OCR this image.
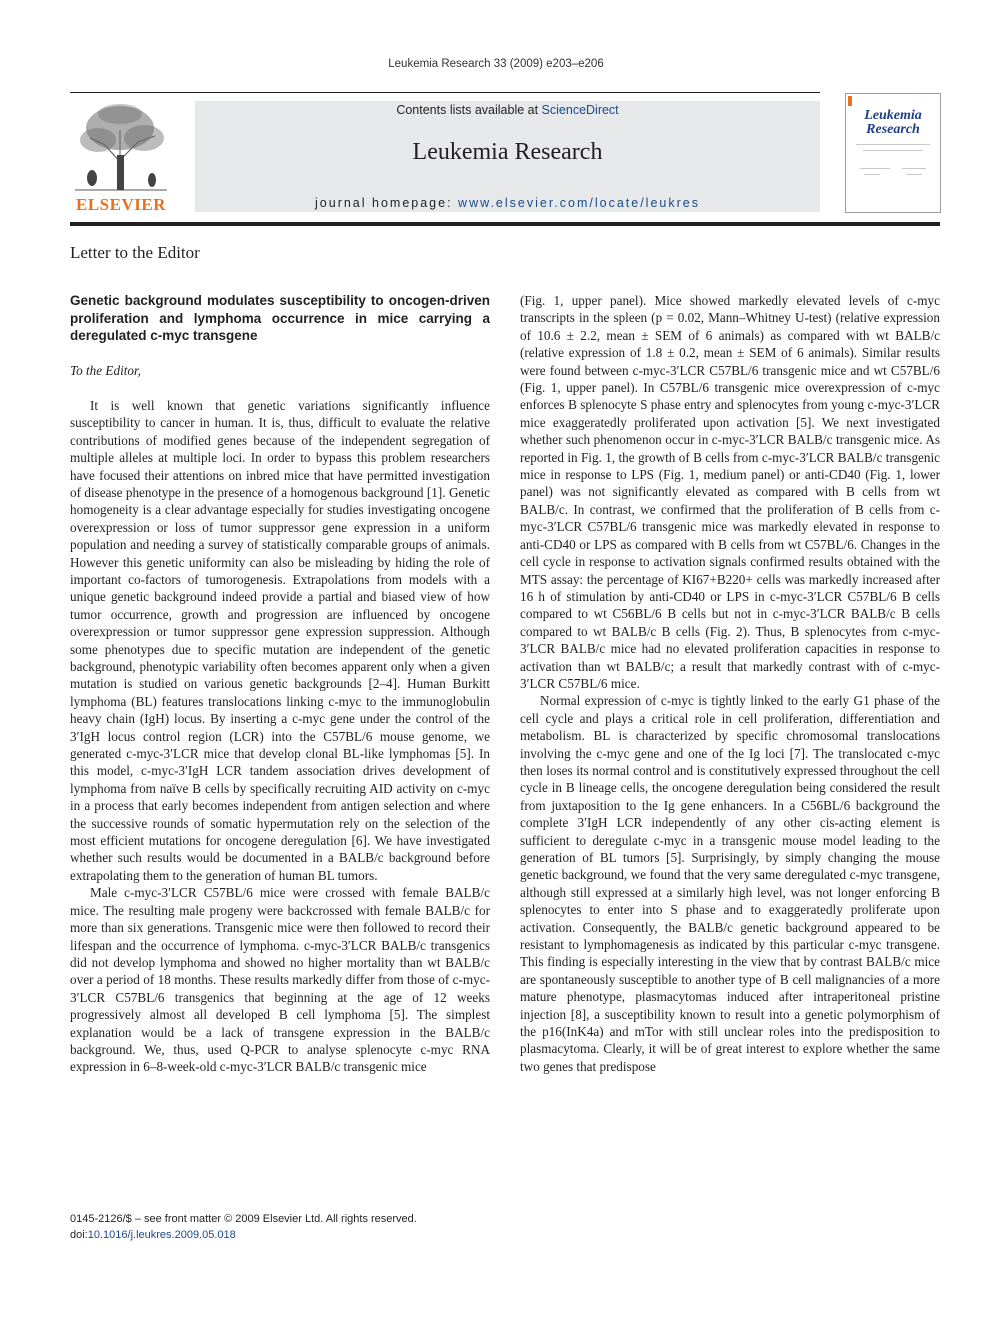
Leukemia Research 33 (2009) e203–e206
ELSEVIER
Contents lists available at ScienceDirect
Leukemia Research
journal homepage: www.elsevier.com/locate/leukres
Leukemia
Research
Letter to the Editor
Genetic background modulates susceptibility to oncogen-driven proliferation and lymphoma occurrence in mice carrying a deregulated c-myc transgene
To the Editor,

It is well known that genetic variations significantly influence susceptibility to cancer in human. It is, thus, difficult to evaluate the relative contributions of modified genes because of the independent segregation of multiple alleles at multiple loci. In order to bypass this problem researchers have focused their attentions on inbred mice that have permitted investigation of disease phenotype in the presence of a homogenous background [1]. Genetic homogeneity is a clear advantage especially for studies investigating oncogene overexpression or loss of tumor suppressor gene expression in a uniform population and needing a survey of statistically comparable groups of animals. However this genetic uniformity can also be misleading by hiding the role of important co-factors of tumorogenesis. Extrapolations from models with a unique genetic background indeed provide a partial and biased view of how tumor occurrence, growth and progression are influenced by oncogene overexpression or tumor suppressor gene expression suppression. Although some phenotypes due to specific mutation are independent of the genetic background, phenotypic variability often becomes apparent only when a given mutation is studied on various genetic backgrounds [2–4]. Human Burkitt lymphoma (BL) features translocations linking c-myc to the immunoglobulin heavy chain (IgH) locus. By inserting a c-myc gene under the control of the 3′IgH locus control region (LCR) into the C57BL/6 mouse genome, we generated c-myc-3′LCR mice that develop clonal BL-like lymphomas [5]. In this model, c-myc-3′IgH LCR tandem association drives development of lymphoma from naïve B cells by specifically recruiting AID activity on c-myc in a process that early becomes independent from antigen selection and where the successive rounds of somatic hypermutation rely on the selection of the most efficient mutations for oncogene deregulation [6]. We have investigated whether such results would be documented in a BALB/c background before extrapolating them to the generation of human BL tumors.

Male c-myc-3′LCR C57BL/6 mice were crossed with female BALB/c mice. The resulting male progeny were backcrossed with female BALB/c for more than six generations. Transgenic mice were then followed to record their lifespan and the occurrence of lymphoma. c-myc-3′LCR BALB/c transgenics did not develop lymphoma and showed no higher mortality than wt BALB/c over a period of 18 months. These results markedly differ from those of c-myc-3′LCR C57BL/6 transgenics that beginning at the age of 12 weeks progressively almost all developed B cell lymphoma [5]. The simplest explanation would be a lack of transgene expression in the BALB/c background. We, thus, used Q-PCR to analyse splenocyte c-myc RNA expression in 6–8-week-old c-myc-3′LCR BALB/c transgenic mice

(Fig. 1, upper panel). Mice showed markedly elevated levels of c-myc transcripts in the spleen (p = 0.02, Mann–Whitney U-test) (relative expression of 10.6 ± 2.2, mean ± SEM of 6 animals) as compared with wt BALB/c (relative expression of 1.8 ± 0.2, mean ± SEM of 6 animals). Similar results were found between c-myc-3′LCR C57BL/6 transgenic mice and wt C57BL/6 (Fig. 1, upper panel). In C57BL/6 transgenic mice overexpression of c-myc enforces B splenocyte S phase entry and splenocytes from young c-myc-3′LCR mice exaggeratedly proliferated upon activation [5]. We next investigated whether such phenomenon occur in c-myc-3′LCR BALB/c transgenic mice. As reported in Fig. 1, the growth of B cells from c-myc-3′LCR BALB/c transgenic mice in response to LPS (Fig. 1, medium panel) or anti-CD40 (Fig. 1, lower panel) was not significantly elevated as compared with B cells from wt BALB/c. In contrast, we confirmed that the proliferation of B cells from c-myc-3′LCR C57BL/6 transgenic mice was markedly elevated in response to anti-CD40 or LPS as compared with B cells from wt C57BL/6. Changes in the cell cycle in response to activation signals confirmed results obtained with the MTS assay: the percentage of KI67+B220+ cells was markedly increased after 16 h of stimulation by anti-CD40 or LPS in c-myc-3′LCR C57BL/6 B cells compared to wt C56BL/6 B cells but not in c-myc-3′LCR BALB/c B cells compared to wt BALB/c B cells (Fig. 2). Thus, B splenocytes from c-myc-3′LCR BALB/c mice had no elevated proliferation capacities in response to activation than wt BALB/c; a result that markedly contrast with of c-myc-3′LCR C57BL/6 mice.

Normal expression of c-myc is tightly linked to the early G1 phase of the cell cycle and plays a critical role in cell proliferation, differentiation and metabolism. BL is characterized by specific chromosomal translocations involving the c-myc gene and one of the Ig loci [7]. The translocated c-myc then loses its normal control and is constitutively expressed throughout the cell cycle in B lineage cells, the oncogene deregulation being considered the result from juxtaposition to the Ig gene enhancers. In a C56BL/6 background the complete 3′IgH LCR independently of any other cis-acting element is sufficient to deregulate c-myc in a transgenic mouse model leading to the generation of BL tumors [5]. Surprisingly, by simply changing the mouse genetic background, we found that the very same deregulated c-myc transgene, although still expressed at a similarly high level, was not longer enforcing B splenocytes to enter into S phase and to exaggeratedly proliferate upon activation. Consequently, the BALB/c genetic background appeared to be resistant to lymphomagenesis as indicated by this particular c-myc transgene. This finding is especially interesting in the view that by contrast BALB/c mice are spontaneously susceptible to another type of B cell malignancies of a more mature phenotype, plasmacytomas induced after intraperitoneal pristine injection [8], a susceptibility known to result into a genetic polymorphism of the p16(InK4a) and mTor with still unclear roles into the predisposition to plasmacytoma. Clearly, it will be of great interest to explore whether the same two genes that predispose

0145-2126/$ – see front matter © 2009 Elsevier Ltd. All rights reserved.
doi:10.1016/j.leukres.2009.05.018
